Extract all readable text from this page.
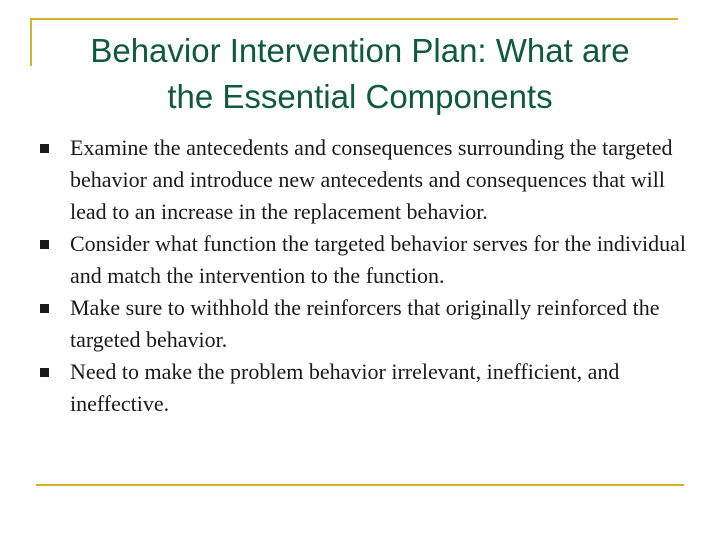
Behavior Intervention Plan: What are
the Essential Components
Examine the antecedents and consequences surrounding the targeted behavior and introduce new antecedents and consequences that will lead to an increase in the replacement behavior.
Consider what function the targeted behavior serves for the individual and match the intervention to the function.
Make sure to withhold the reinforcers that originally reinforced the targeted behavior.
Need to make the problem behavior irrelevant, inefficient, and ineffective.
